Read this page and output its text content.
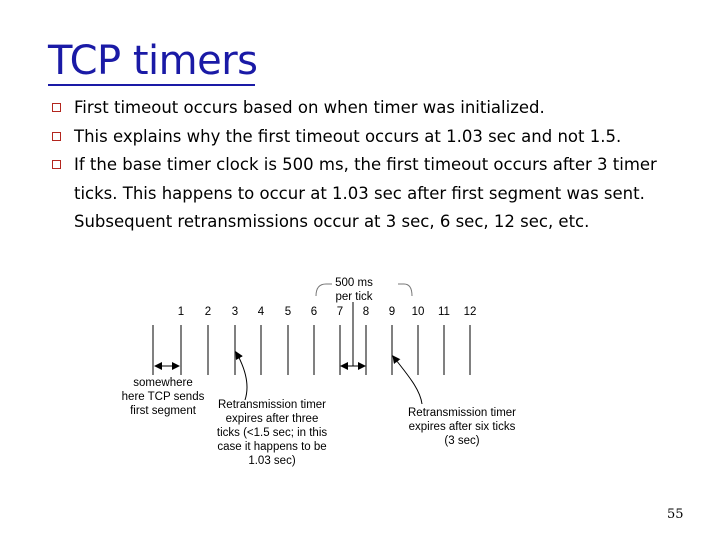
TCP timers
First timeout occurs based on when timer was initialized.
This explains why the first timeout occurs at 1.03 sec and not 1.5.
If the base timer clock is 500 ms, the first timeout occurs after 3 timer ticks. This happens to occur at 1.03 sec after first segment was sent. Subsequent retransmissions occur at 3 sec, 6 sec, 12 sec, etc.
1 2 3 4 5 6 7 8 9 10 11 12
500 ms
per tick
somewhere
here TCP sends
first segment Retransmission timer
expires after three
ticks (<1.5 sec; in this
case it happens to be
1.03 sec)
Retransmission timer
expires after six ticks
(3 sec)
55
